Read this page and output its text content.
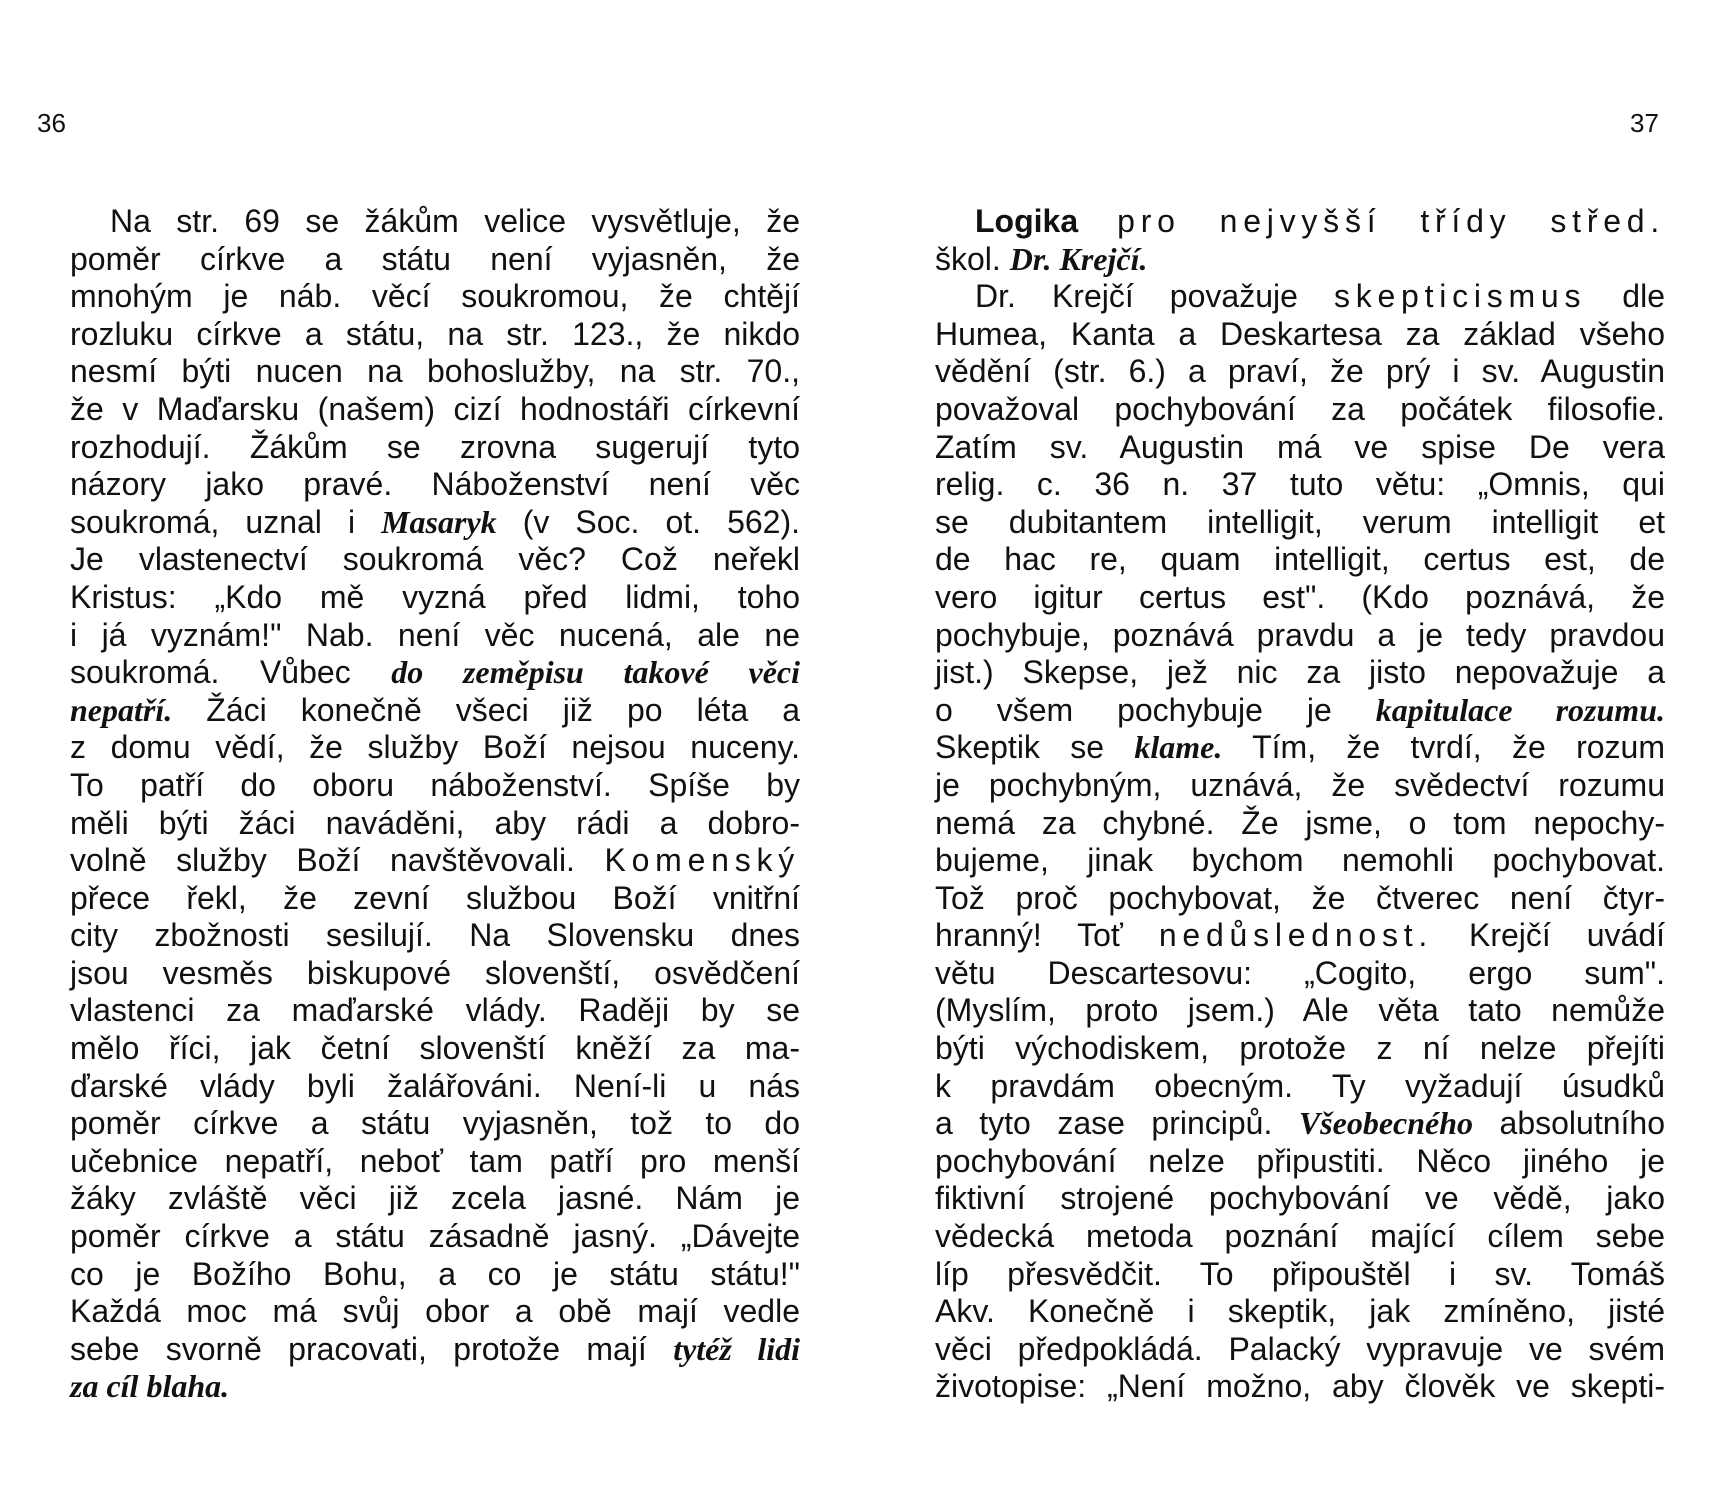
36	37
Na str. 69 se žákům velice vysvětluje, že
poměr církve a státu není vyjasněn, že
mnohým je náb. věcí soukromou, že chtějí
rozluku církve a státu, na str. 123., že nikdo
nesmí býti nucen na bohoslužby, na str. 70.,
že v Maďarsku (našem) cizí hodnostáři církevní
rozhodují. Žákům se zrovna sugerují tyto
názory jako pravé. Náboženství není věc
soukromá, uznal i Masaryk (v Soc. ot. 562).
Je vlastenectví soukromá věc? Což neřekl
Kristus: „Kdo mě vyzná před lidmi, toho
i já vyznám!" Nab. není věc nucená, ale ne
soukromá. Vůbec do zeměpisu takové věci
nepatří. Žáci konečně všeci již po léta a
z domu vědí, že služby Boží nejsou nuceny.
To patří do oboru náboženství. Spíše by
měli býti žáci naváděni, aby rádi a dobro-
volně služby Boží navštěvovali. Komenský
přece řekl, že zevní službou Boží vnitřní
city zbožnosti sesilují. Na Slovensku dnes
jsou vesměs biskupové slovenští, osvědčení
vlastenci za maďarské vlády. Raději by se
mělo říci, jak četní slovenští kněží za ma-
ďarské vlády byli žalářováni. Není-li u nás
poměr církve a státu vyjasněn, tož to do
učebnice nepatří, neboť tam patří pro menší
žáky zvláště věci již zcela jasné. Nám je
poměr církve a státu zásadně jasný. „Dávejte
co je Božího Bohu, a co je státu státu!"
Každá moc má svůj obor a obě mají vedle
sebe svorně pracovati, protože mají tytéž lidi
za cíl blaha.
Logika pro nejvyšší třídy střed.
škol. Dr. Krejčí.
Dr. Krejčí považuje skepticismus dle
Humea, Kanta a Deskartesa za základ všeho
vědění (str. 6.) a praví, že prý i sv. Augustin
považoval pochybování za počátek filosofie.
Zatím sv. Augustin má ve spise De vera
relig. c. 36 n. 37 tuto větu: „Omnis, qui
se dubitantem intelligit, verum intelligit et
de hac re, quam intelligit, certus est, de
vero igitur certus est". (Kdo poznává, že
pochybuje, poznává pravdu a je tedy pravdou
jist.) Skepse, jež nic za jisto nepovažuje a
o všem pochybuje je kapitulace rozumu.
Skeptik se klame. Tím, že tvrdí, že rozum
je pochybným, uznává, že svědectví rozumu
nemá za chybné. Že jsme, o tom nepochy-
bujeme, jinak bychom nemohli pochybovat.
Tož proč pochybovat, že čtverec není čtyr-
hranný! Toť nedůslednost. Krejčí uvádí
větu Descartesovu: „Cogito, ergo sum".
(Myslím, proto jsem.) Ale věta tato nemůže
býti východiskem, protože z ní nelze přejíti
k pravdám obecným. Ty vyžadují úsudků
a tyto zase principů. Všeobecného absolutního
pochybování nelze připustiti. Něco jiného je
fiktivní strojené pochybování ve vědě, jako
vědecká metoda poznání mající cílem sebe
líp přesvědčit. To připouštěl i sv. Tomáš
Akv. Konečně i skeptik, jak zmíněno, jisté
věci předpokládá. Palacký vypravuje ve svém
životopise: „Není možno, aby člověk ve skepti-
